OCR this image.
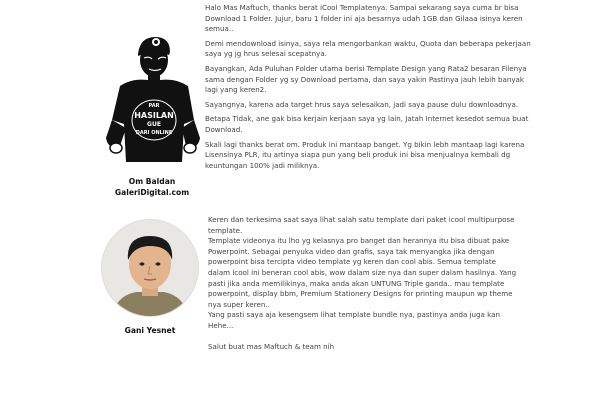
PAR
HASILAN
GUE
DARI ONLINE
Om Baldan
GaleriDigital.com

Halo Mas Maftuch, thanks berat iCool Templatenya. Sampai sekarang saya cuma br bisa Download 1 Folder. Jujur, baru 1 folder ini aja besarnya udah 1GB dan Gilaaa isinya keren semua..

Demi mendownload isinya, saya rela mengorbankan waktu, Quota dan beberapa pekerjaan saya yg jg hrus selesai scepatnya.

Bayangkan, Ada Puluhan Folder utama berisi Template Design yang Rata2 besaran Filenya sama dengan Folder yg sy Download pertama, dan saya yakin Pastinya jauh lebih banyak lagi yang keren2.

Sayangnya, karena ada target hrus saya selesaikan, jadi saya pause dulu downloadnya.

Betapa Tidak, ane gak bisa kerjain kerjaan saya yg lain, Jatah Internet kesedot semua buat Download.

Skali lagi thanks berat om. Produk ini mantaap banget. Yg bikin lebh mantaap lagi karena Lisensinya PLR, itu artinya siapa pun yang beli produk ini bisa menjualnya kembali dg keuntungan 100% jadi miliknya.

Gani Yesnet

Keren dan terkesima saat saya lihat salah satu template dari paket icool multipurpose template.

Template videonya itu lho yg kelasnya pro banget dan herannya itu bisa dibuat pake Powerpoint. Sebagai penyuka video dan grafis, saya tak menyangka jika dengan powerpoint bisa tercipta video template yg keren dan cool abis. Semua template dalam icool ini beneran cool abis, wow dalam size nya dan super dalam hasilnya. Yang pasti jika anda memilikinya, maka anda akan UNTUNG Triple ganda.. mau template powerpoint, display bbm, Premium Stationery Designs for printing maupun wp theme nya super keren..

Yang pasti saya aja kesengsem lihat template bundle nya, pastinya anda juga kan Hehe...

Salut buat mas Maftuch & team nih
